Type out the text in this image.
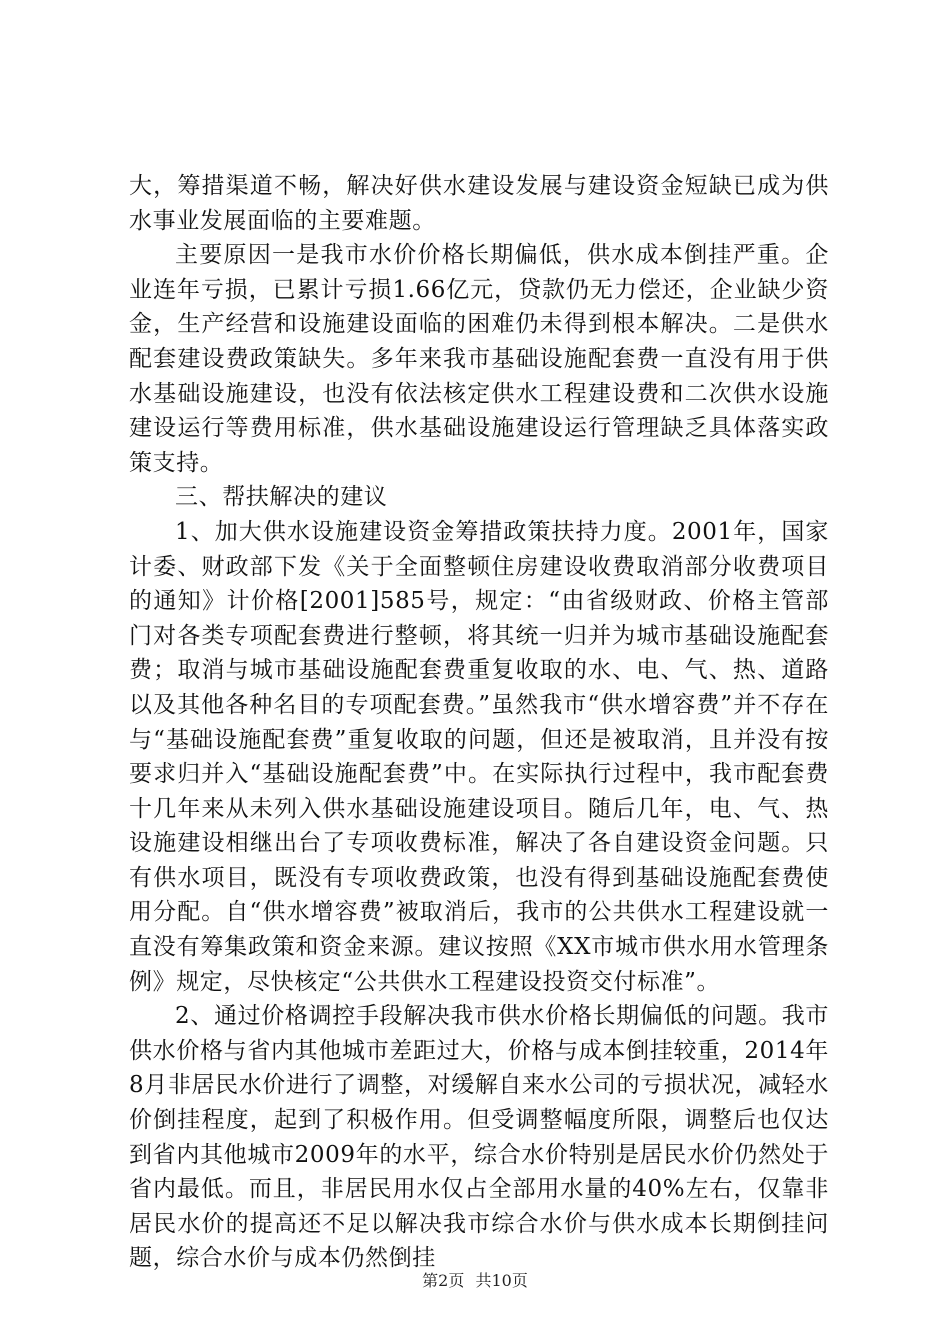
大，筹措渠道不畅，解决好供水建设发展与建设资金短缺已成为供水事业发展面临的主要难题。

主要原因一是我市水价价格长期偏低，供水成本倒挂严重。企业连年亏损，已累计亏损1.66亿元，贷款仍无力偿还，企业缺少资金，生产经营和设施建设面临的困难仍未得到根本解决。二是供水配套建设费政策缺失。多年来我市基础设施配套费一直没有用于供水基础设施建设，也没有依法核定供水工程建设费和二次供水设施建设运行等费用标准，供水基础设施建设运行管理缺乏具体落实政策支持。

三、帮扶解决的建议

1、加大供水设施建设资金筹措政策扶持力度。2001年，国家计委、财政部下发《关于全面整顿住房建设收费取消部分收费项目的通知》计价格[2001]585号，规定：“由省级财政、价格主管部门对各类专项配套费进行整顿，将其统一归并为城市基础设施配套费；取消与城市基础设施配套费重复收取的水、电、气、热、道路以及其他各种名目的专项配套费。”虽然我市“供水增容费”并不存在与“基础设施配套费”重复收取的问题，但还是被取消，且并没有按要求归并入“基础设施配套费”中。在实际执行过程中，我市配套费十几年来从未列入供水基础设施建设项目。随后几年，电、气、热设施建设相继出台了专项收费标准，解决了各自建设资金问题。只有供水项目，既没有专项收费政策，也没有得到基础设施配套费使用分配。自“供水增容费”被取消后，我市的公共供水工程建设就一直没有筹集政策和资金来源。建议按照《XX市城市供水用水管理条例》规定，尽快核定“公共供水工程建设投资交付标准”。

2、通过价格调控手段解决我市供水价格长期偏低的问题。我市供水价格与省内其他城市差距过大，价格与成本倒挂较重，2014年8月非居民水价进行了调整，对缓解自来水公司的亏损状况，减轻水价倒挂程度，起到了积极作用。但受调整幅度所限，调整后也仅达到省内其他城市2009年的水平，综合水价特别是居民水价仍然处于省内最低。而且，非居民用水仅占全部用水量的40%左右，仅靠非居民水价的提高还不足以解决我市综合水价与供水成本长期倒挂问题，综合水价与成本仍然倒挂

第2页 共10页
